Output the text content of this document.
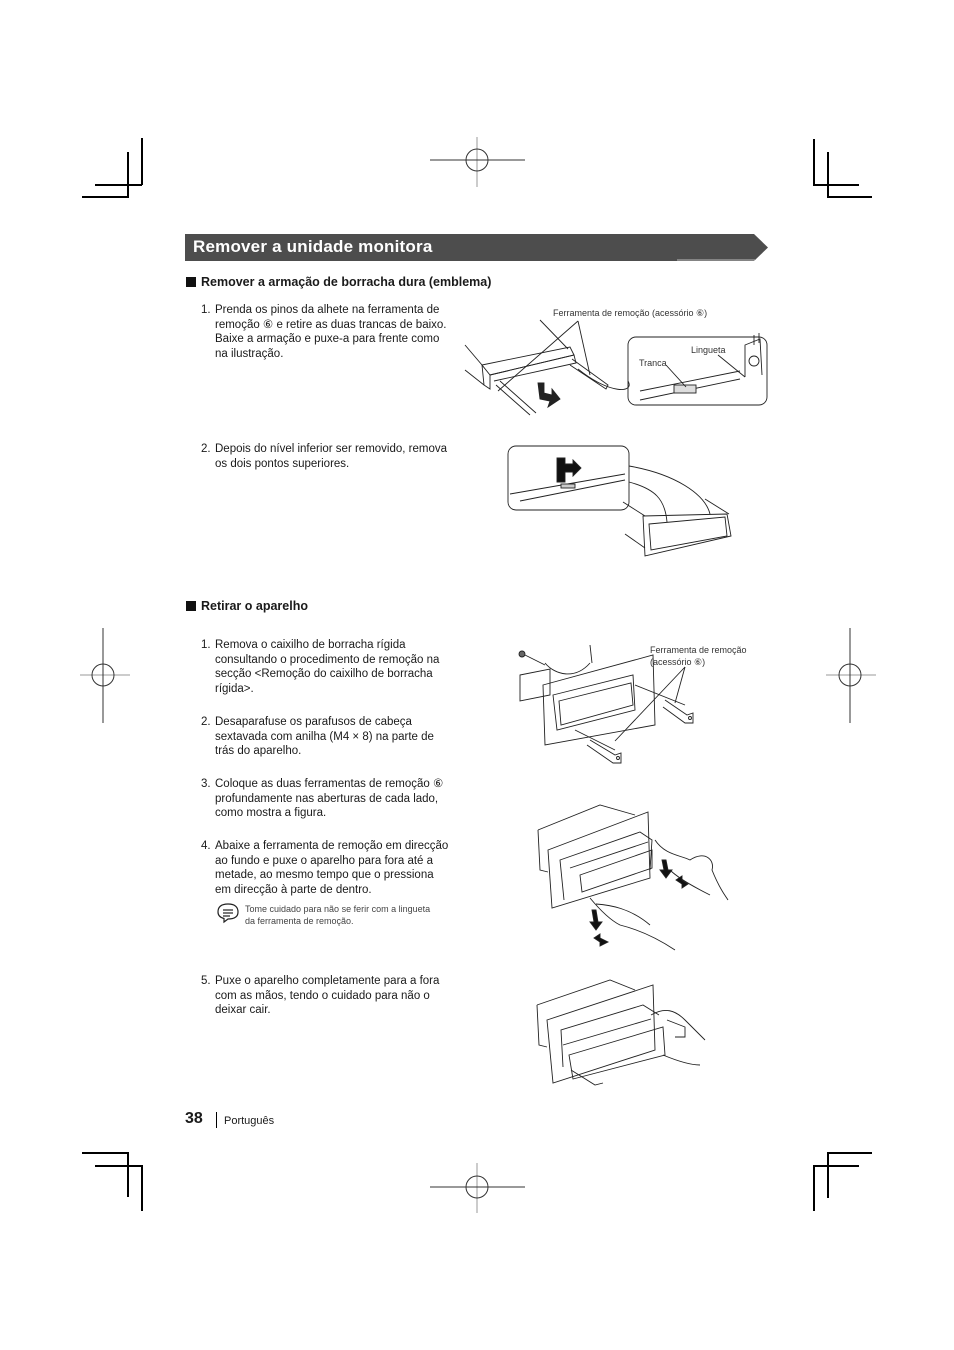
Remover a unidade monitora
Remover a armação de borracha dura (emblema)
1. Prenda os pinos da alhete na ferramenta de
remoção ⑥ e retire as duas trancas de baixo.
Baixe a armação e puxe-a para frente como
na ilustração.
2. Depois do nível inferior ser removido, remova
os dois pontos superiores.
Ferramenta de remoção (acessório ⑥)
Tranca
Lingueta
Retirar o aparelho
1. Remova o caixilho de borracha rígida
consultando o procedimento de remoção na
secção <Remoção do caixilho de borracha
rígida>.
2. Desaparafuse os parafusos de cabeça
sextavada com anilha (M4 × 8) na parte de
trás do aparelho.
3. Coloque as duas ferramentas de remoção ⑥
profundamente nas aberturas de cada lado,
como mostra a figura.
4. Abaixe a ferramenta de remoção em direcção
ao fundo e puxe o aparelho para fora até a
metade, ao mesmo tempo que o pressiona
em direcção à parte de dentro.
Tome cuidado para não se ferir com a lingueta
da ferramenta de remoção.
5. Puxe o aparelho completamente para a fora
com as mãos, tendo o cuidado para não o
deixar cair.
Ferramenta de remoção
(acessório ⑥)
38 Português
